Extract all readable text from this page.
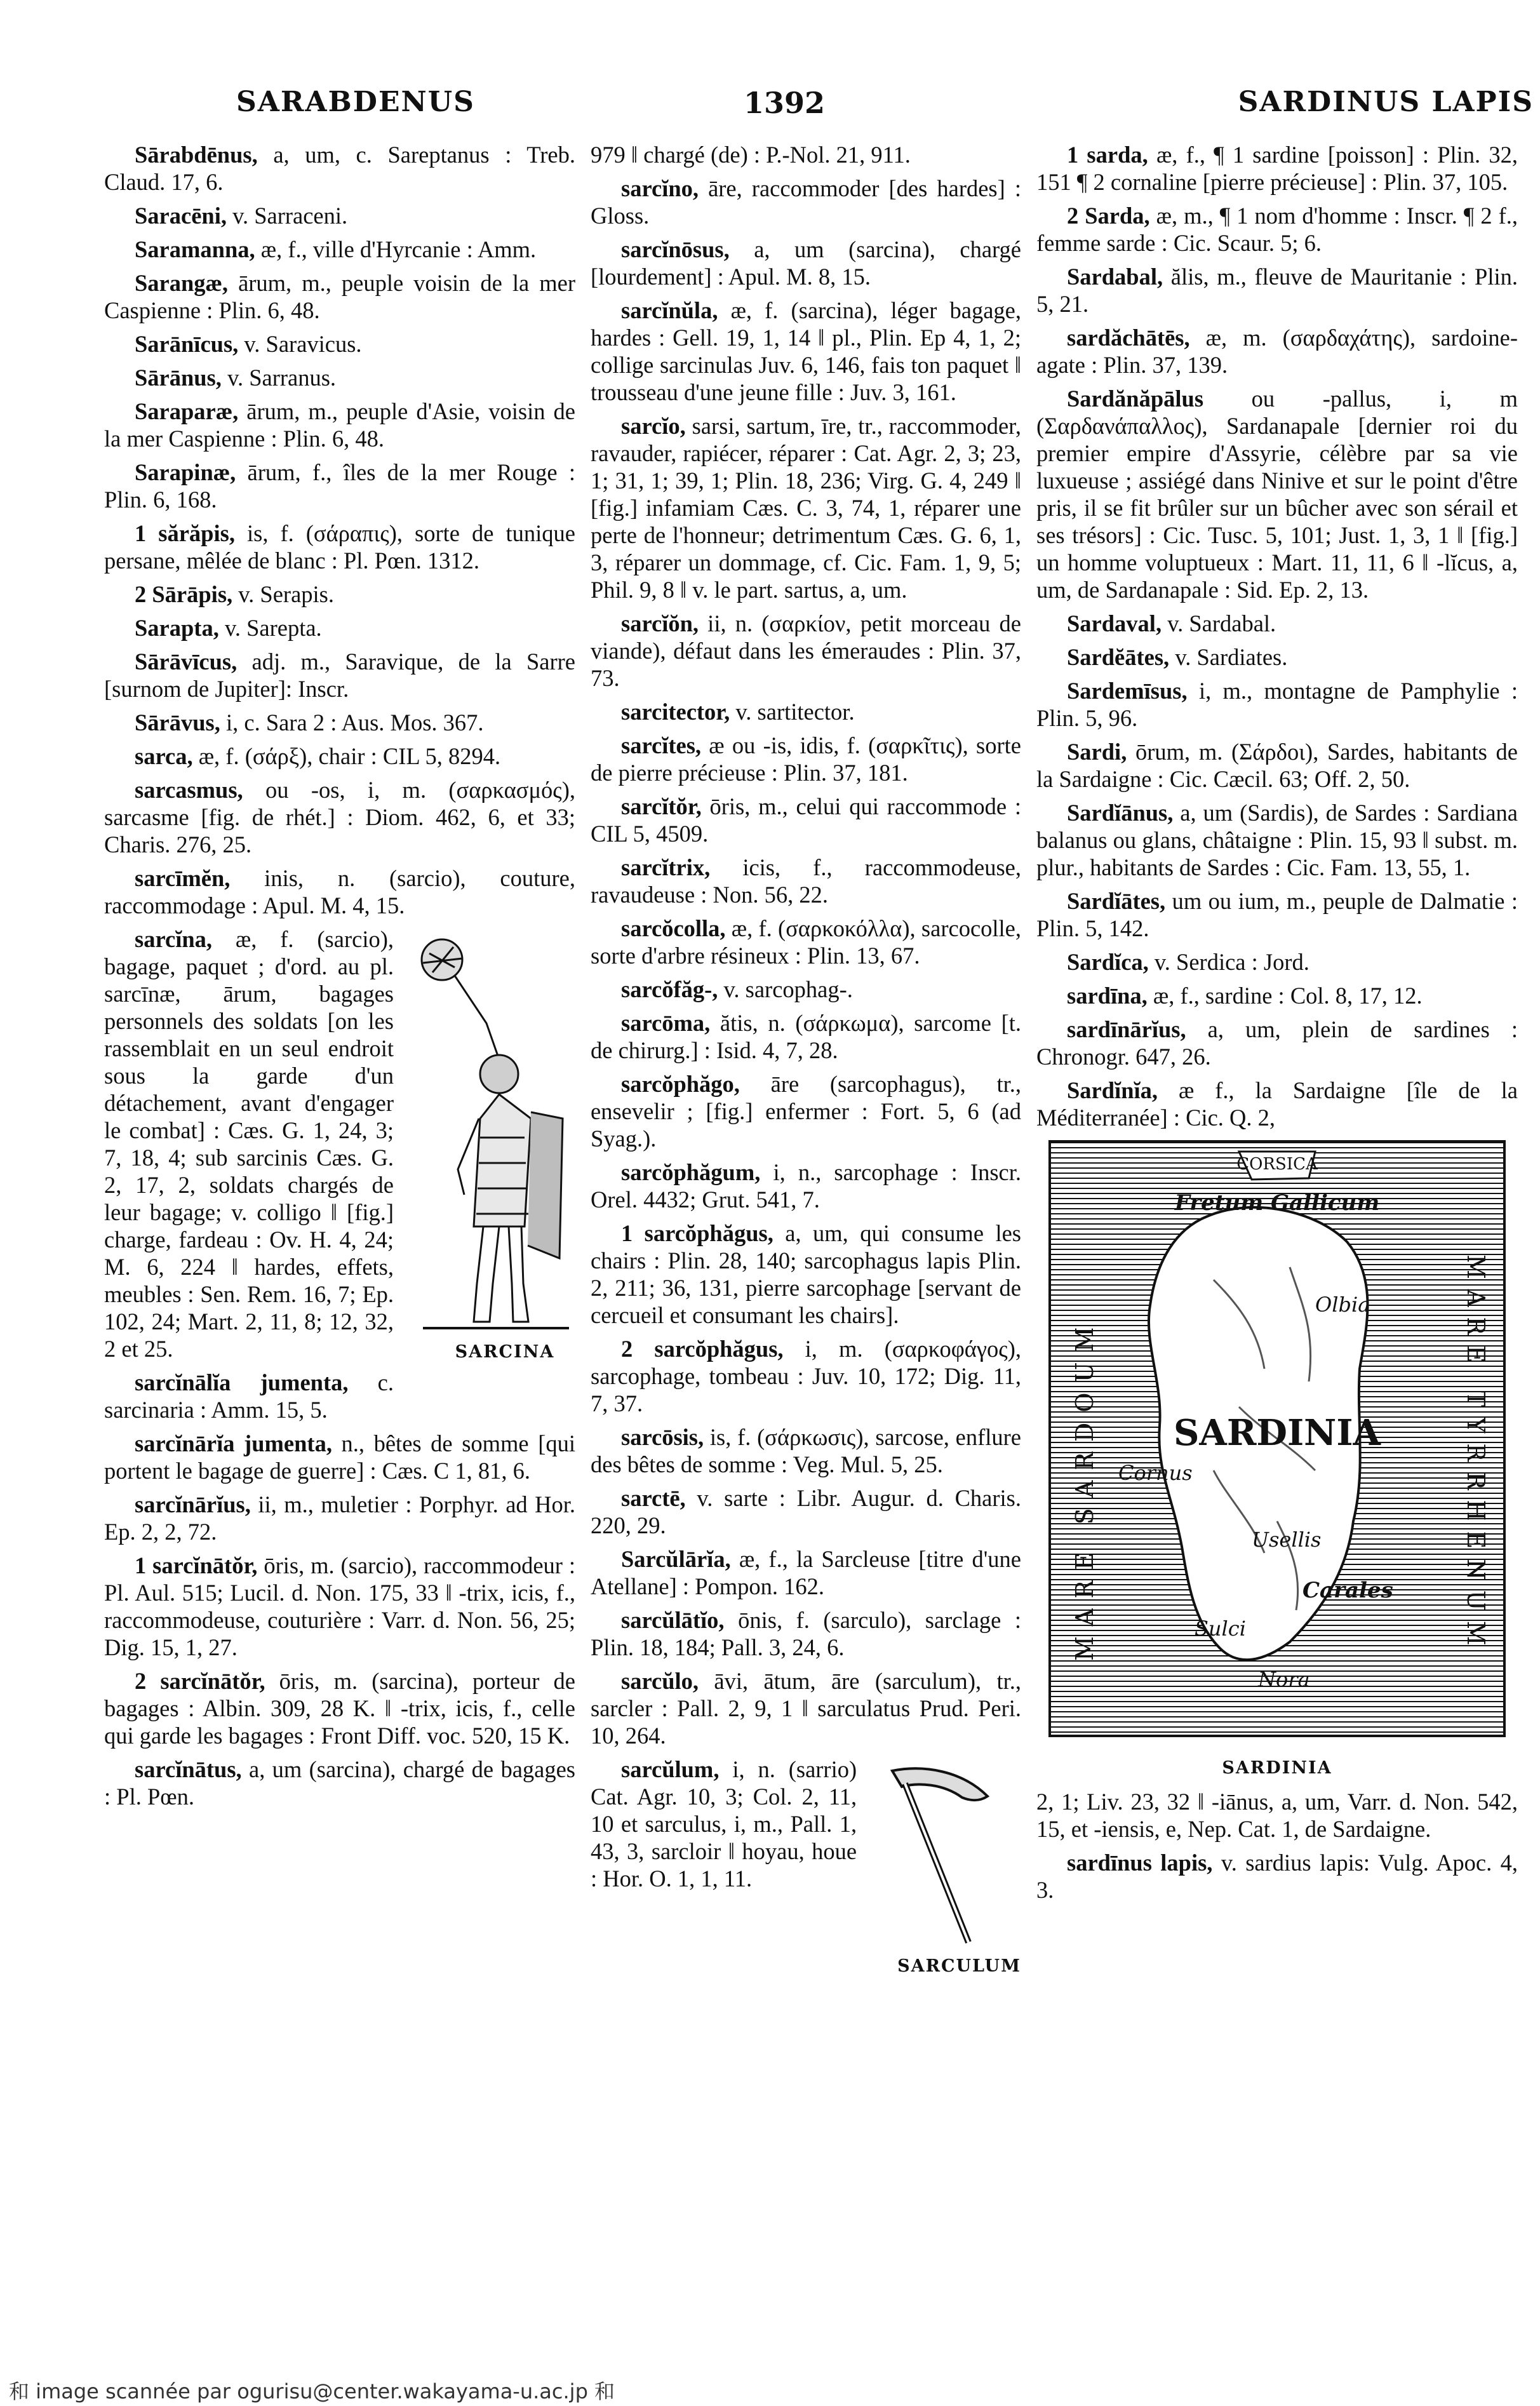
SARABDENUS	1392	SARDINUS LAPIS
Sārabdēnus, a, um, c. Sareptanus : Treb. Claud. 17, 6.
Saracēni, v. Sarraceni.
Saramanna, æ, f., ville d'Hyrcanie : Amm.
Sarangæ, ārum, m., peuple voisin de la mer Caspienne : Plin. 6, 48.
Sarānīcus, v. Saravicus.
Sārānus, v. Sarranus.
Saraparæ, ārum, m., peuple d'Asie, voisin de la mer Caspienne : Plin. 6, 48.
Sarapinæ, ārum, f., îles de la mer Rouge : Plin. 6, 168.
1 sărăpis, is, f. (σάραπις), sorte de tunique persane, mêlée de blanc : Pl. Pœn. 1312.
2 Sārāpis, v. Serapis.
Sarapta, v. Sarepta.
Sārāvīcus, adj. m., Saravique, de la Sarre [surnom de Jupiter]: Inscr.
Sārāvus, i, c. Sara 2 : Aus. Mos. 367.
sarca, æ, f. (σάρξ), chair : CIL 5, 8294.
sarcasmus, ou -os, i, m. (σαρκασμός), sarcasme [fig. de rhét.] : Diom. 462, 6, et 33; Charis. 276, 25.
sarcīmĕn, inis, n. (sarcio), couture, raccommodage : Apul. M. 4, 15.
SARCINA
sarcĭna, æ, f. (sarcio), bagage, paquet ; d'ord. au pl. sarcīnæ, ārum, bagages personnels des soldats [on les rassemblait en un seul endroit sous la garde d'un détachement, avant d'engager le combat] : Cæs. G. 1, 24, 3; 7, 18, 4; sub sarcinis Cæs. G. 2, 17, 2, soldats chargés de leur bagage; v. colligo ‖ [fig.] charge, fardeau : Ov. H. 4, 24; M. 6, 224 ‖ hardes, effets, meubles : Sen. Rem. 16, 7; Ep. 102, 24; Mart. 2, 11, 8; 12, 32, 2 et 25.
sarcĭnālĭa jumenta, c. sarcinaria : Amm. 15, 5.
sarcĭnārĭa jumenta, n., bêtes de somme [qui portent le bagage de guerre] : Cæs. C 1, 81, 6.
sarcĭnārĭus, ii, m., muletier : Porphyr. ad Hor. Ep. 2, 2, 72.
1 sarcĭnātŏr, ōris, m. (sarcio), raccommodeur : Pl. Aul. 515; Lucil. d. Non. 175, 33 ‖ -trix, icis, f., raccommodeuse, couturière : Varr. d. Non. 56, 25; Dig. 15, 1, 27.
2 sarcĭnātŏr, ōris, m. (sarcina), porteur de bagages : Albin. 309, 28 K. ‖ -trix, icis, f., celle qui garde les bagages : Front Diff. voc. 520, 15 K.
sarcĭnātus, a, um (sarcina), chargé de bagages : Pl. Pœn.
979 ‖ chargé (de) : P.-Nol. 21, 911.
sarcĭno, āre, raccommoder [des hardes] : Gloss.
sarcĭnōsus, a, um (sarcina), chargé [lourdement] : Apul. M. 8, 15.
sarcĭnŭla, æ, f. (sarcina), léger bagage, hardes : Gell. 19, 1, 14 ‖ pl., Plin. Ep 4, 1, 2; collige sarcinulas Juv. 6, 146, fais ton paquet ‖ trousseau d'une jeune fille : Juv. 3, 161.
sarcĭo, sarsi, sartum, īre, tr., raccommoder, ravauder, rapiécer, réparer : Cat. Agr. 2, 3; 23, 1; 31, 1; 39, 1; Plin. 18, 236; Virg. G. 4, 249 ‖ [fig.] infamiam Cæs. C. 3, 74, 1, réparer une perte de l'honneur; detrimentum Cæs. G. 6, 1, 3, réparer un dommage, cf. Cic. Fam. 1, 9, 5; Phil. 9, 8 ‖ v. le part. sartus, a, um.
sarcĭŏn, ii, n. (σαρκίον, petit morceau de viande), défaut dans les émeraudes : Plin. 37, 73.
sarcitector, v. sartitector.
sarcĭtes, æ ou -is, idis, f. (σαρκῖτις), sorte de pierre précieuse : Plin. 37, 181.
sarcĭtŏr, ōris, m., celui qui raccommode : CIL 5, 4509.
sarcĭtrix, icis, f., raccommodeuse, ravaudeuse : Non. 56, 22.
sarcŏcolla, æ, f. (σαρκοκόλλα), sarcocolle, sorte d'arbre résineux : Plin. 13, 67.
sarcŏfăg-, v. sarcophag-.
sarcōma, ătis, n. (σάρκωμα), sarcome [t. de chirurg.] : Isid. 4, 7, 28.
sarcŏphăgo, āre (sarcophagus), tr., ensevelir ; [fig.] enfermer : Fort. 5, 6 (ad Syag.).
sarcŏphăgum, i, n., sarcophage : Inscr. Orel. 4432; Grut. 541, 7.
1 sarcŏphăgus, a, um, qui consume les chairs : Plin. 28, 140; sarcophagus lapis Plin. 2, 211; 36, 131, pierre sarcophage [servant de cercueil et consumant les chairs].
2 sarcŏphăgus, i, m. (σαρκοφάγος), sarcophage, tombeau : Juv. 10, 172; Dig. 11, 7, 37.
sarcōsis, is, f. (σάρκωσις), sarcose, enflure des bêtes de somme : Veg. Mul. 5, 25.
sarctē, v. sarte : Libr. Augur. d. Charis. 220, 29.
Sarcŭlārĭa, æ, f., la Sarcleuse [titre d'une Atellane] : Pompon. 162.
sarcŭlātĭo, ōnis, f. (sarculo), sarclage : Plin. 18, 184; Pall. 3, 24, 6.
sarcŭlo, āvi, ātum, āre (sarculum), tr., sarcler : Pall. 2, 9, 1 ‖ sarculatus Prud. Peri. 10, 264.
SARCULUM
sarcŭlum, i, n. (sarrio) Cat. Agr. 10, 3; Col. 2, 11, 10 et sarculus, i, m., Pall. 1, 43, 3, sarcloir ‖ hoyau, houe : Hor. O. 1, 1, 11.
1 sarda, æ, f., ¶ 1 sardine [poisson] : Plin. 32, 151 ¶ 2 cornaline [pierre précieuse] : Plin. 37, 105.
2 Sarda, æ, m., ¶ 1 nom d'homme : Inscr. ¶ 2 f., femme sarde : Cic. Scaur. 5; 6.
Sardabal, ălis, m., fleuve de Mauritanie : Plin. 5, 21.
sardăchātēs, æ, m. (σαρδαχάτης), sardoine-agate : Plin. 37, 139.
Sardănăpālus ou -pallus, i, m (Σαρδανάπαλλος), Sardanapale [dernier roi du premier empire d'Assyrie, célèbre par sa vie luxueuse ; assiégé dans Ninive et sur le point d'être pris, il se fit brûler sur un bûcher avec son sérail et ses trésors] : Cic. Tusc. 5, 101; Just. 1, 3, 1 ‖ [fig.] un homme voluptueux : Mart. 11, 11, 6 ‖ -lĭcus, a, um, de Sardanapale : Sid. Ep. 2, 13.
Sardaval, v. Sardabal.
Sardĕātes, v. Sardiates.
Sardemīsus, i, m., montagne de Pamphylie : Plin. 5, 96.
Sardi, ōrum, m. (Σάρδοι), Sardes, habitants de la Sardaigne : Cic. Cæcil. 63; Off. 2, 50.
Sardĭānus, a, um (Sardis), de Sardes : Sardiana balanus ou glans, châtaigne : Plin. 15, 93 ‖ subst. m. plur., habitants de Sardes : Cic. Fam. 13, 55, 1.
Sardĭātes, um ou ium, m., peuple de Dalmatie : Plin. 5, 142.
Sardĭca, v. Serdica : Jord.
sardīna, æ, f., sardine : Col. 8, 17, 12.
sardīnārĭus, a, um, plein de sardines : Chronogr. 647, 26.
Sardĭnĭa, æ f., la Sardaigne [île de la Méditerranée] : Cic. Q. 2,
CORSICA
Fretum Gallicum
Olbia
SARDINIA
Cornus
Usellis
Carales
Sulci
Nora
MARE SARDOUM	MARE TYRRHENUM
SARDINIA
2, 1; Liv. 23, 32 ‖ -iānus, a, um, Varr. d. Non. 542, 15, et -iensis, e, Nep. Cat. 1, de Sardaigne.
sardīnus lapis, v. sardius lapis: Vulg. Apoc. 4, 3.
和 image scannée par ogurisu@center.wakayama-u.ac.jp 和
